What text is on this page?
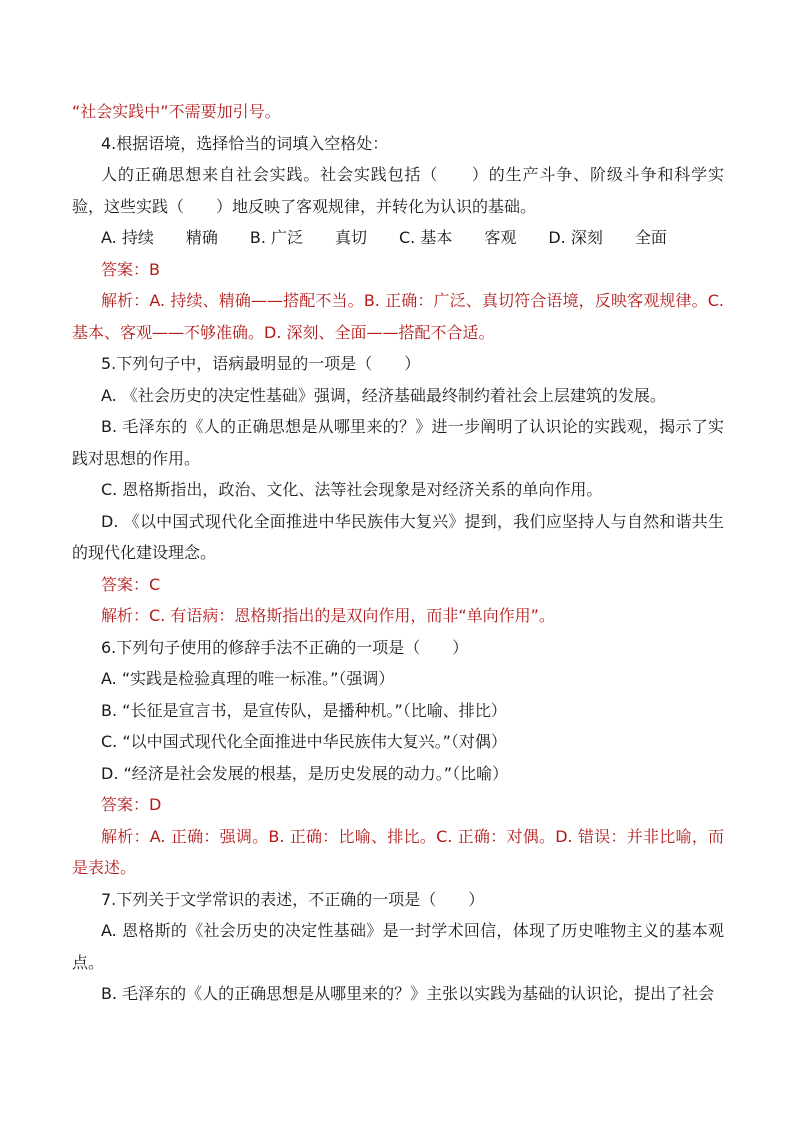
“社会实践中”不需要加引号。
4.根据语境，选择恰当的词填入空格处：
人的正确思想来自社会实践。社会实践包括（　　）的生产斗争、阶级斗争和科学实验，这些实践（　　）地反映了客观规律，并转化为认识的基础。
A. 持续　　精确　　B. 广泛　　真切　　C. 基本　　客观　　D. 深刻　　全面
答案：B
解析：A. 持续、精确——搭配不当。B. 正确：广泛、真切符合语境，反映客观规律。C. 基本、客观——不够准确。D. 深刻、全面——搭配不合适。
5.下列句子中，语病最明显的一项是（　　）
A. 《社会历史的决定性基础》强调，经济基础最终制约着社会上层建筑的发展。
B. 毛泽东的《人的正确思想是从哪里来的？》进一步阐明了认识论的实践观，揭示了实践对思想的作用。
C. 恩格斯指出，政治、文化、法等社会现象是对经济关系的单向作用。
D. 《以中国式现代化全面推进中华民族伟大复兴》提到，我们应坚持人与自然和谐共生的现代化建设理念。
答案：C
解析：C. 有语病：恩格斯指出的是双向作用，而非“单向作用”。
6.下列句子使用的修辞手法不正确的一项是（　　）
A. “实践是检验真理的唯一标准。”（强调）
B. “长征是宣言书，是宣传队，是播种机。”（比喻、排比）
C. “以中国式现代化全面推进中华民族伟大复兴。”（对偶）
D. “经济是社会发展的根基，是历史发展的动力。”（比喻）
答案：D
解析：A. 正确：强调。B. 正确：比喻、排比。C. 正确：对偶。D. 错误：并非比喻，而是表述。
7.下列关于文学常识的表述，不正确的一项是（　　）
A. 恩格斯的《社会历史的决定性基础》是一封学术回信，体现了历史唯物主义的基本观点。
B. 毛泽东的《人的正确思想是从哪里来的？》主张以实践为基础的认识论，提出了社会
